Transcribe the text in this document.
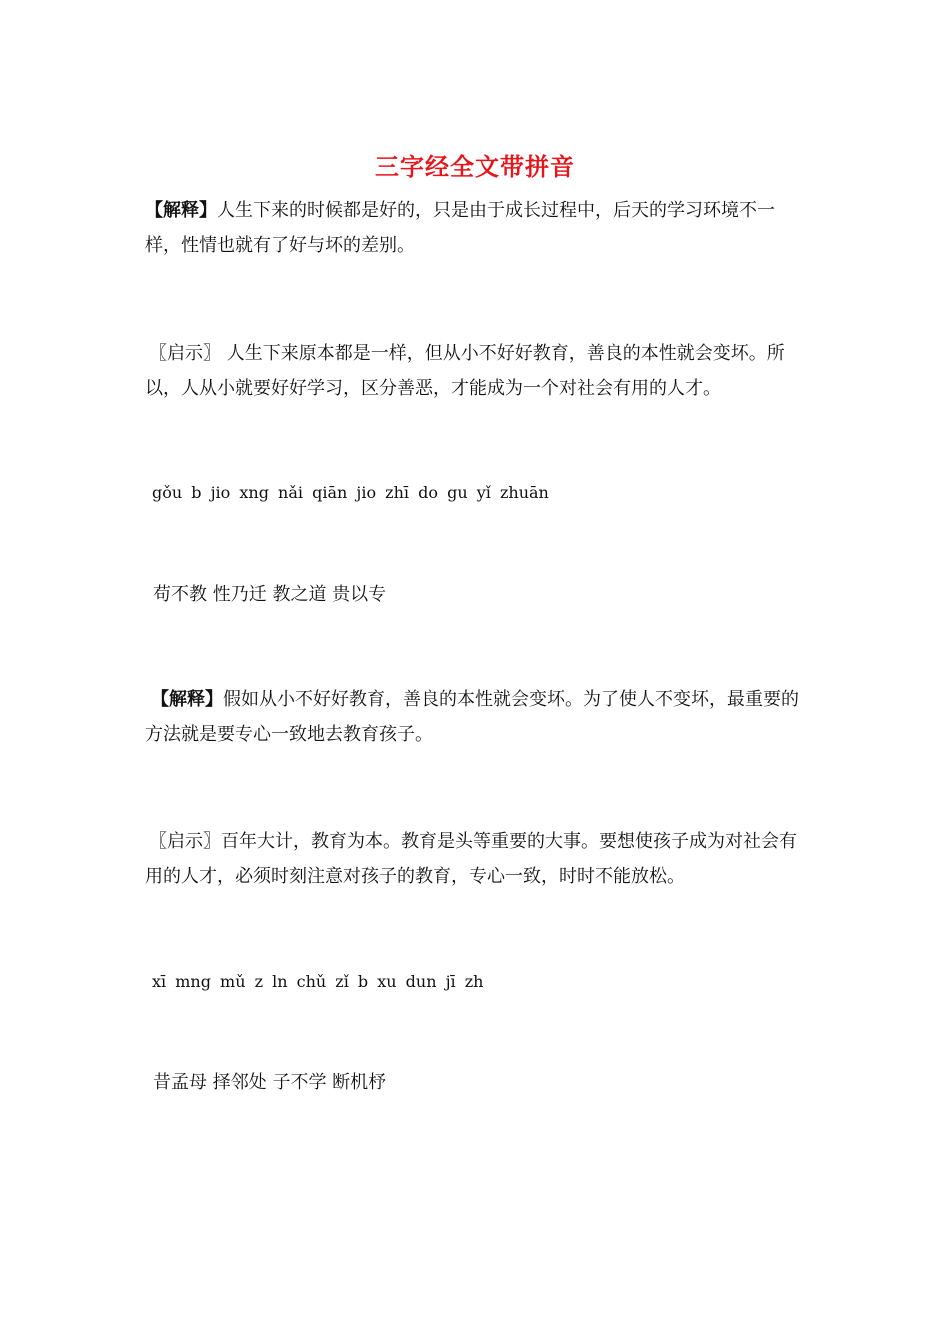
三字经全文带拼音

【解释】人生下来的时候都是好的，只是由于成长过程中，后天的学习环境不一样，性情也就有了好与坏的差别。

〖启示〗 人生下来原本都是一样，但从小不好好教育，善良的本性就会变坏。所以，人从小就要好好学习，区分善恶，才能成为一个对社会有用的人才。

gǒu b jio xng nǎi qiān jio zhī do gu yǐ zhuān
苟不教 性乃迁 教之道 贵以专

【解释】假如从小不好好教育，善良的本性就会变坏。为了使人不变坏，最重要的方法就是要专心一致地去教育孩子。

〖启示〗百年大计，教育为本。教育是头等重要的大事。要想使孩子成为对社会有用的人才，必须时刻注意对孩子的教育，专心一致，时时不能放松。

xī mng mǔ z ln chǔ zǐ b xu dun jī zh
昔孟母 择邻处 子不学 断机杼
